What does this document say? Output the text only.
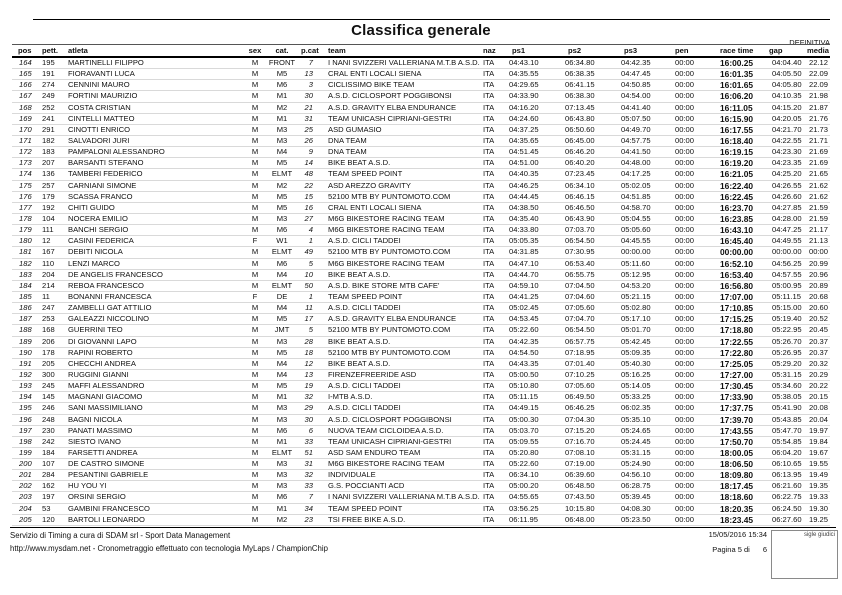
Classifica generale
DEFINITIVA
pos	pett.	atleta	sex	cat.	p.cat	team	naz	ps1	ps2	ps3	pen	race time	gap	media
164	195	MARTINELLI FILIPPO	M	FRONT	7	I NANI SVIZZERI VALLERIANA M.T.B A.S.D.	ITA	04:43.10	06:34.80	04:42.35	00:00	16:00.25	04:04.40	22.12
165	191	FIORAVANTI LUCA	M	M5	13	CRAL ENTI LOCALI SIENA	ITA	04:35.55	06:38.35	04:47.45	00:00	16:01.35	04:05.50	22.09
166	274	CENNINI MAURO	M	M6	3	CICLISSIMO BIKE TEAM	ITA	04:29.65	06:41.15	04:50.85	00:00	16:01.65	04:05.80	22.09
167	249	FORTINI MAURIZIO	M	M1	30	A.S.D. CICLOSPORT POGGIBONSI	ITA	04:33.90	06:38.30	04:54.00	00:00	16:06.20	04:10.35	21.98
168	252	COSTA CRISTIAN	M	M2	21	A.S.D. GRAVITY ELBA ENDURANCE	ITA	04:16.20	07:13.45	04:41.40	00:00	16:11.05	04:15.20	21.87
169	241	CINTELLI MATTEO	M	M1	31	TEAM UNICASH CIPRIANI-GESTRI	ITA	04:24.60	06:43.80	05:07.50	00:00	16:15.90	04:20.05	21.76
170	291	CINOTTI ENRICO	M	M3	25	ASD GUMASIO	ITA	04:37.25	06:50.60	04:49.70	00:00	16:17.55	04:21.70	21.73
171	182	SALVADORI JURI	M	M3	26	DNA TEAM	ITA	04:35.65	06:45.00	04:57.75	00:00	16:18.40	04:22.55	21.71
172	183	PAMPALONI ALESSANDRO	M	M4	9	DNA TEAM	ITA	04:51.45	06:46.20	04:41.50	00:00	16:19.15	04:23.30	21.69
173	207	BARSANTI STEFANO	M	M5	14	BIKE BEAT A.S.D.	ITA	04:51.00	06:40.20	04:48.00	00:00	16:19.20	04:23.35	21.69
174	136	TAMBERI FEDERICO	M	ELMT	48	TEAM SPEED POINT	ITA	04:40.35	07:23.45	04:17.25	00:00	16:21.05	04:25.20	21.65
175	257	CARNIANI SIMONE	M	M2	22	ASD AREZZO GRAVITY	ITA	04:46.25	06:34.10	05:02.05	00:00	16:22.40	04:26.55	21.62
176	179	SCASSA FRANCO	M	M5	15	52100 MTB BY PUNTOMOTO.COM	ITA	04:44.45	06:46.15	04:51.85	00:00	16:22.45	04:26.60	21.62
177	192	CHITI GUIDO	M	M5	16	CRAL ENTI LOCALI SIENA	ITA	04:38.50	06:46.50	04:58.70	00:00	16:23.70	04:27.85	21.59
178	104	NOCERA EMILIO	M	M3	27	M6G BIKESTORE RACING TEAM	ITA	04:35.40	06:43.90	05:04.55	00:00	16:23.85	04:28.00	21.59
179	111	BANCHI SERGIO	M	M6	4	M6G BIKESTORE RACING TEAM	ITA	04:33.80	07:03.70	05:05.60	00:00	16:43.10	04:47.25	21.17
180	12	CASINI FEDERICA	F	W1	1	A.S.D. CICLI TADDEI	ITA	05:05.35	06:54.50	04:45.55	00:00	16:45.40	04:49.55	21.13
181	167	DEBITI NICOLA	M	ELMT	49	52100 MTB BY PUNTOMOTO.COM	ITA	04:31.85	07:30.95	00:00.00	00:00	00:00.00	00:00.00	00:00
182	110	LENZI MARCO	M	M6	5	M6G BIKESTORE RACING TEAM	ITA	04:47.10	06:53.40	05:11.60	00:00	16:52.10	04:56.25	20.99
183	204	DE ANGELIS FRANCESCO	M	M4	10	BIKE BEAT A.S.D.	ITA	04:44.70	06:55.75	05:12.95	00:00	16:53.40	04:57.55	20.96
184	214	REBOA FRANCESCO	M	ELMT	50	A.S.D. BIKE STORE MTB CAFE'	ITA	04:59.10	07:04.50	04:53.20	00:00	16:56.80	05:00.95	20.89
185	11	BONANNI FRANCESCA	F	DE	1	TEAM SPEED POINT	ITA	04:41.25	07:04.60	05:21.15	00:00	17:07.00	05:11.15	20.68
186	247	ZAMBELLI GAT ATTILIO	M	M4	11	A.S.D. CICLI TADDEI	ITA	05:02.45	07:05.60	05:02.80	00:00	17:10.85	05:15.00	20.60
187	253	GALEAZZI NICCOLINO	M	M5	17	A.S.D. GRAVITY ELBA ENDURANCE	ITA	04:53.45	07:04.70	05:17.10	00:00	17:15.25	05:19.40	20.52
188	168	GUERRINI TEO	M	JMT	5	52100 MTB BY PUNTOMOTO.COM	ITA	05:22.60	06:54.50	05:01.70	00:00	17:18.80	05:22.95	20.45
189	206	DI GIOVANNI LAPO	M	M3	28	BIKE BEAT A.S.D.	ITA	04:42.35	06:57.75	05:42.45	00:00	17:22.55	05:26.70	20.37
190	178	RAPINI ROBERTO	M	M5	18	52100 MTB BY PUNTOMOTO.COM	ITA	04:54.50	07:18.95	05:09.35	00:00	17:22.80	05:26.95	20.37
191	205	CHECCHI ANDREA	M	M4	12	BIKE BEAT A.S.D.	ITA	04:43.35	07:01.40	05:40.30	00:00	17:25.05	05:29.20	20.32
192	300	RUGGINI GIANNI	M	M4	13	FIRENZEFREERIDE ASD	ITA	05:00.50	07:10.25	05:16.25	00:00	17:27.00	05:31.15	20.29
193	245	MAFFI ALESSANDRO	M	M5	19	A.S.D. CICLI TADDEI	ITA	05:10.80	07:05.60	05:14.05	00:00	17:30.45	05:34.60	20.22
194	145	MAGNANI GIACOMO	M	M1	32	I-MTB A.S.D.	ITA	05:11.15	06:49.50	05:33.25	00:00	17:33.90	05:38.05	20.15
195	246	SANI MASSIMILIANO	M	M3	29	A.S.D. CICLI TADDEI	ITA	04:49.15	06:46.25	06:02.35	00:00	17:37.75	05:41.90	20.08
196	248	BAGNI NICOLA	M	M3	30	A.S.D. CICLOSPORT POGGIBONSI	ITA	05:00.30	07:04.30	05:35.10	00:00	17:39.70	05:43.85	20.04
197	230	PANATI MASSIMO	M	M6	6	NUOVA TEAM CICLOIDEA A.S.D.	ITA	05:03.70	07:15.20	05:24.65	00:00	17:43.55	05:47.70	19.97
198	242	SIESTO IVANO	M	M1	33	TEAM UNICASH CIPRIANI-GESTRI	ITA	05:09.55	07:16.70	05:24.45	00:00	17:50.70	05:54.85	19.84
199	184	FARSETTI ANDREA	M	ELMT	51	ASD SAM ENDURO TEAM	ITA	05:20.80	07:08.10	05:31.15	00:00	18:00.05	06:04.20	19.67
200	107	DE CASTRO SIMONE	M	M3	31	M6G BIKESTORE RACING TEAM	ITA	05:22.60	07:19.00	05:24.90	00:00	18:06.50	06:10.65	19.55
201	284	PESANTINI GABRIELE	M	M3	32	INDIVIDUALE	ITA	06:34.10	06:39.60	04:56.10	00:00	18:09.80	06:13.95	19.49
202	162	HU YOU YI	M	M3	33	G.S. POCCIANTI ACD	ITA	05:00.20	06:48.50	06:28.75	00:00	18:17.45	06:21.60	19.35
203	197	ORSINI SERGIO	M	M6	7	I NANI SVIZZERI VALLERIANA M.T.B A.S.D.	ITA	04:55.65	07:43.50	05:39.45	00:00	18:18.60	06:22.75	19.33
204	53	GAMBINI FRANCESCO	M	M1	34	TEAM SPEED POINT	ITA	03:56.25	10:15.80	04:08.30	00:00	18:20.35	06:24.50	19.30
205	120	BARTOLI LEONARDO	M	M2	23	TSI FREE BIKE A.S.D.	ITA	06:11.95	06:48.00	05:23.50	00:00	18:23.45	06:27.60	19.25
Servizio di Timing a cura di SDAM srl - Sport Data Management
http://www.mysdam.net - Cronometraggio effettuato con tecnologia MyLaps / ChampionChip
15/05/2016 15:34
Pagina 5 di 6
sigle giudici
